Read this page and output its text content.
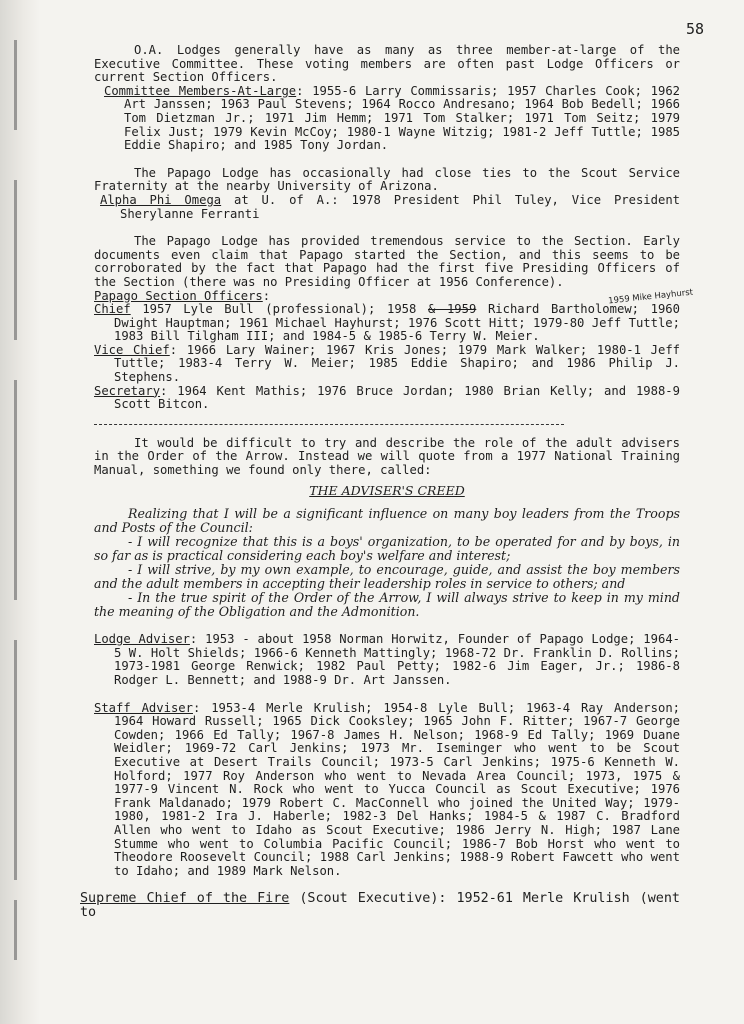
58
1959 Mike Hayhurst

O.A. Lodges generally have as many as three member-at-large of the Executive Committee. These voting members are often past Lodge Officers or current Section Officers.

Committee Members-At-Large: 1955-6 Larry Commissaris; 1957 Charles Cook; 1962 Art Janssen; 1963 Paul Stevens; 1964 Rocco Andresano; 1964 Bob Bedell; 1966 Tom Dietzman Jr.; 1971 Jim Hemm; 1971 Tom Stalker; 1971 Tom Seitz; 1979 Felix Just; 1979 Kevin McCoy; 1980-1 Wayne Witzig; 1981-2 Jeff Tuttle; 1985 Eddie Shapiro; and 1985 Tony Jordan.

The Papago Lodge has occasionally had close ties to the Scout Service Fraternity at the nearby University of Arizona.

Alpha Phi Omega at U. of A.: 1978 President Phil Tuley, Vice President Sherylanne Ferranti

The Papago Lodge has provided tremendous service to the Section. Early documents even claim that Papago started the Section, and this seems to be corroborated by the fact that Papago had the first five Presiding Officers of the Section (there was no Presiding Officer at 1956 Conference).

Papago Section Officers:

Chief 1957 Lyle Bull (professional); 1958 & 1959 Richard Bartholomew; 1960 Dwight Hauptman; 1961 Michael Hayhurst; 1976 Scott Hitt; 1979-80 Jeff Tuttle; 1983 Bill Tilgham III; and 1984-5 & 1985-6 Terry W. Meier.

Vice Chief: 1966 Lary Wainer; 1967 Kris Jones; 1979 Mark Walker; 1980-1 Jeff Tuttle; 1983-4 Terry W. Meier; 1985 Eddie Shapiro; and 1986 Philip J. Stephens.

Secretary: 1964 Kent Mathis; 1976 Bruce Jordan; 1980 Brian Kelly; and 1988-9 Scott Bitcon.

It would be difficult to try and describe the role of the adult advisers in the Order of the Arrow. Instead we will quote from a 1977 National Training Manual, something we found only there, called:

THE ADVISER'S CREED

Realizing that I will be a significant influence on many boy leaders from the Troops and Posts of the Council:

- I will recognize that this is a boys' organization, to be operated for and by boys, in so far as is practical considering each boy's welfare and interest;

- I will strive, by my own example, to encourage, guide, and assist the boy members and the adult members in accepting their leadership roles in service to others; and

- In the true spirit of the Order of the Arrow, I will always strive to keep in my mind the meaning of the Obligation and the Admonition.

Lodge Adviser: 1953 - about 1958 Norman Horwitz, Founder of Papago Lodge; 1964-5 W. Holt Shields; 1966-6 Kenneth Mattingly; 1968-72 Dr. Franklin D. Rollins; 1973-1981 George Renwick; 1982 Paul Petty; 1982-6 Jim Eager, Jr.; 1986-8 Rodger L. Bennett; and 1988-9 Dr. Art Janssen.

Staff Adviser: 1953-4 Merle Krulish; 1954-8 Lyle Bull; 1963-4 Ray Anderson; 1964 Howard Russell; 1965 Dick Cooksley; 1965 John F. Ritter; 1967-7 George Cowden; 1966 Ed Tally; 1967-8 James H. Nelson; 1968-9 Ed Tally; 1969 Duane Weidler; 1969-72 Carl Jenkins; 1973 Mr. Iseminger who went to be Scout Executive at Desert Trails Council; 1973-5 Carl Jenkins; 1975-6 Kenneth W. Holford; 1977 Roy Anderson who went to Nevada Area Council; 1973, 1975 & 1977-9 Vincent N. Rock who went to Yucca Council as Scout Executive; 1976 Frank Maldanado; 1979 Robert C. MacConnell who joined the United Way; 1979-1980, 1981-2 Ira J. Haberle; 1982-3 Del Hanks; 1984-5 & 1987 C. Bradford Allen who went to Idaho as Scout Executive; 1986 Jerry N. High; 1987 Lane Stumme who went to Columbia Pacific Council; 1986-7 Bob Horst who went to Theodore Roosevelt Council; 1988 Carl Jenkins; 1988-9 Robert Fawcett who went to Idaho; and 1989 Mark Nelson.

Supreme Chief of the Fire (Scout Executive): 1952-61 Merle Krulish (went to
